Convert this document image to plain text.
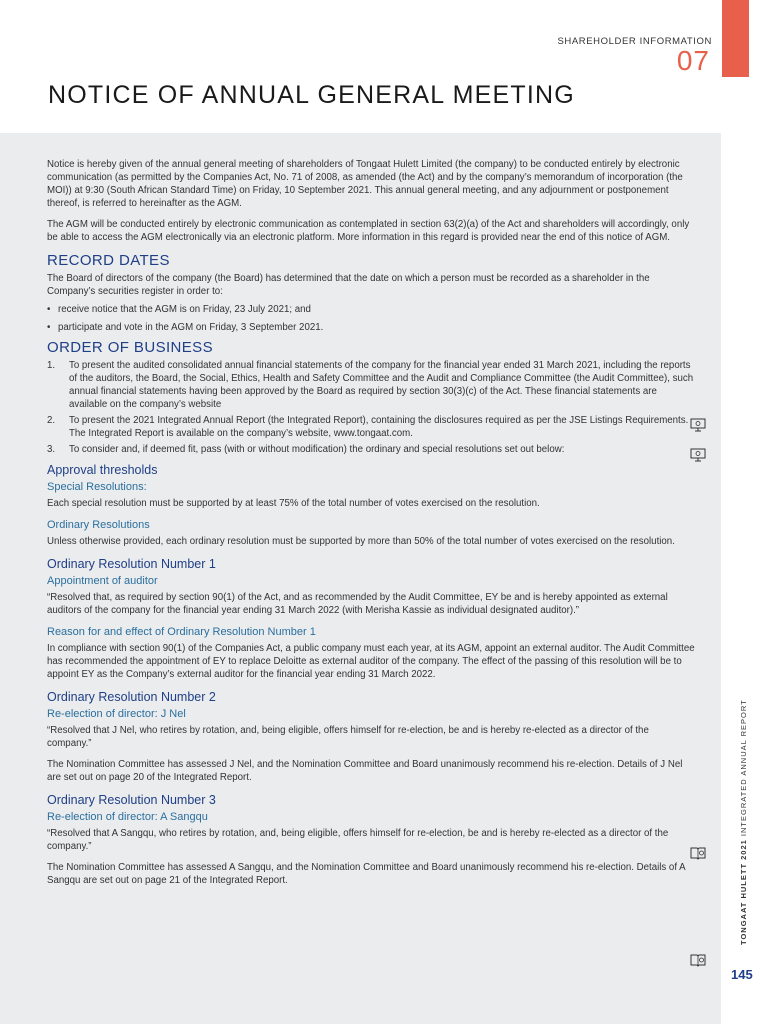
SHAREHOLDER INFORMATION
07
NOTICE OF ANNUAL GENERAL MEETING

Notice is hereby given of the annual general meeting of shareholders of Tongaat Hulett Limited (the company) to be conducted entirely by electronic communication (as permitted by the Companies Act, No. 71 of 2008, as amended (the Act) and by the company’s memorandum of incorporation (the MOI)) at 9:30 (South African Standard Time) on Friday, 10 September 2021. This annual general meeting, and any adjournment or postponement thereof, is referred to hereinafter as the AGM.

The AGM will be conducted entirely by electronic communication as contemplated in section 63(2)(a) of the Act and shareholders will accordingly, only be able to access the AGM electronically via an electronic platform. More information in this regard is provided near the end of this notice of AGM.

RECORD DATES

The Board of directors of the company (the Board) has determined that the date on which a person must be recorded as a shareholder in the Company’s securities register in order to:

• receive notice that the AGM is on Friday, 23 July 2021; and
• participate and vote in the AGM on Friday, 3 September 2021.
ORDER OF BUSINESS
1. To present the audited consolidated annual financial statements of the company for the financial year ended 31 March 2021, including the reports of the auditors, the Board, the Social, Ethics, Health and Safety Committee and the Audit and Compliance Committee (the Audit Committee), such annual financial statements having been approved by the Board as required by section 30(3)(c) of the Act. These financial statements are available on the company’s website
2. To present the 2021 Integrated Annual Report (the Integrated Report), containing the disclosures required as per the JSE Listings Requirements. The Integrated Report is available on the company’s website, www.tongaat.com.
3. To consider and, if deemed fit, pass (with or without modification) the ordinary and special resolutions set out below:
Approval thresholds
Special Resolutions:

Each special resolution must be supported by at least 75% of the total number of votes exercised on the resolution.

Ordinary Resolutions

Unless otherwise provided, each ordinary resolution must be supported by more than 50% of the total number of votes exercised on the resolution.

Ordinary Resolution Number 1
Appointment of auditor

“Resolved that, as required by section 90(1) of the Act, and as recommended by the Audit Committee, EY be and is hereby appointed as external auditors of the company for the financial year ending 31 March 2022 (with Merisha Kassie as individual designated auditor).”

Reason for and effect of Ordinary Resolution Number 1

In compliance with section 90(1) of the Companies Act, a public company must each year, at its AGM, appoint an external auditor. The Audit Committee has recommended the appointment of EY to replace Deloitte as external auditor of the company. The effect of the passing of this resolution will be to appoint EY as the Company’s external auditor for the financial year ending 31 March 2022.

Ordinary Resolution Number 2
Re-election of director: J Nel

“Resolved that J Nel, who retires by rotation, and, being eligible, offers himself for re-election, be and is hereby re-elected as a director of the company.”

The Nomination Committee has assessed J Nel, and the Nomination Committee and Board unanimously recommend his re-election. Details of J Nel are set out on page 20 of the Integrated Report.

Ordinary Resolution Number 3
Re-election of director: A Sangqu

“Resolved that A Sangqu, who retires by rotation, and, being eligible, offers himself for re-election, be and is hereby re-elected as a director of the company.”

The Nomination Committee has assessed A Sangqu, and the Nomination Committee and Board unanimously recommend his re-election. Details of A Sangqu are set out on page 21 of the Integrated Report.	TONGAAT HULETT 2021 INTEGRATED ANNUAL REPORT
145
